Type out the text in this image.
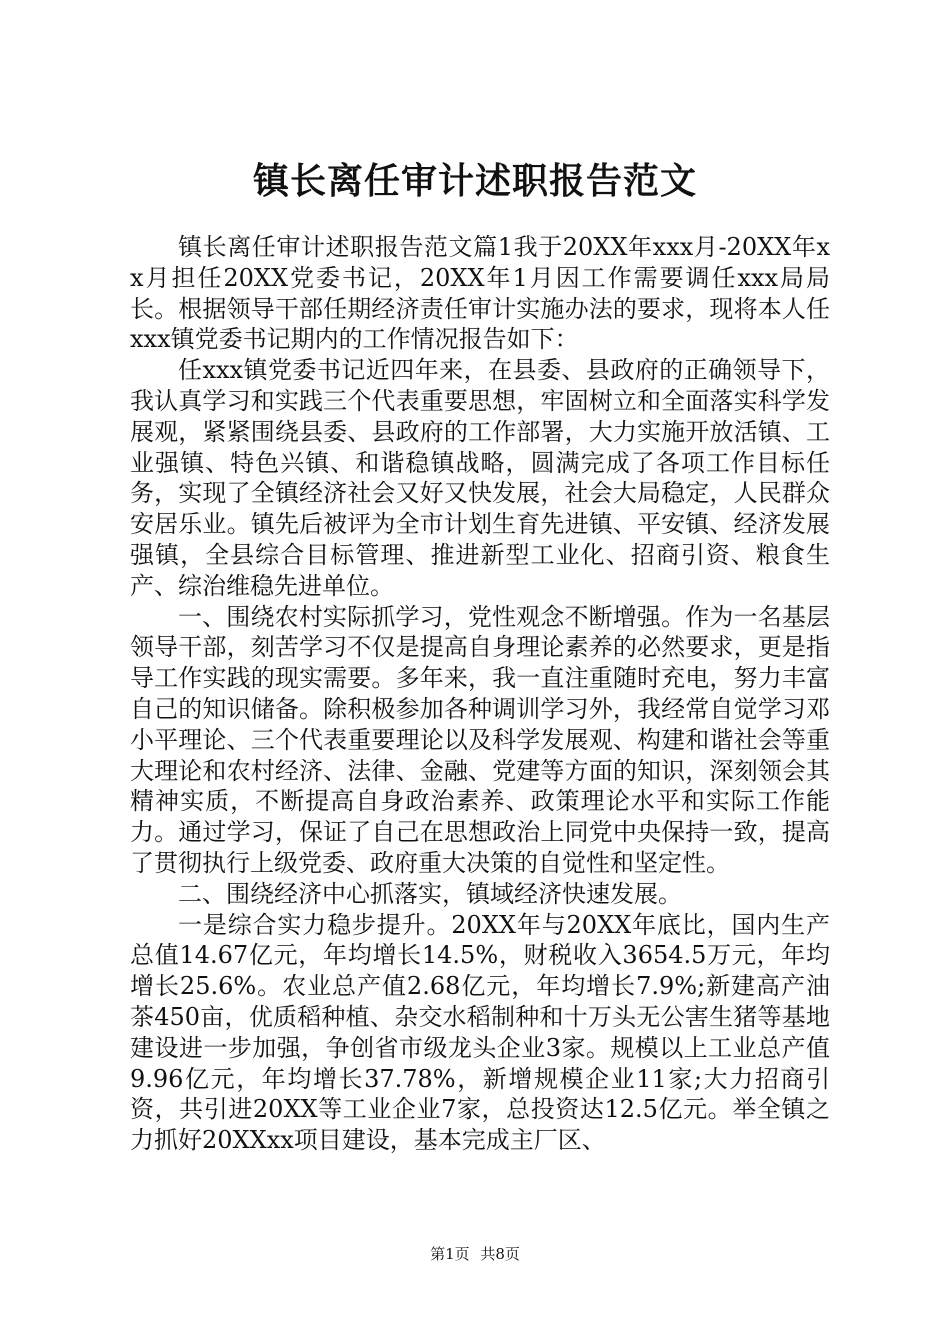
镇长离任审计述职报告范文

镇长离任审计述职报告范文篇1我于20XX年xxx月-20XX年xx月担任20XX党委书记，20XX年1月因工作需要调任xxx局局长。根据领导干部任期经济责任审计实施办法的要求，现将本人任xxx镇党委书记期内的工作情况报告如下：

任xxx镇党委书记近四年来，在县委、县政府的正确领导下，我认真学习和实践三个代表重要思想，牢固树立和全面落实科学发展观，紧紧围绕县委、县政府的工作部署，大力实施开放活镇、工业强镇、特色兴镇、和谐稳镇战略，圆满完成了各项工作目标任务，实现了全镇经济社会又好又快发展，社会大局稳定，人民群众安居乐业。镇先后被评为全市计划生育先进镇、平安镇、经济发展强镇，全县综合目标管理、推进新型工业化、招商引资、粮食生产、综治维稳先进单位。

一、围绕农村实际抓学习，党性观念不断增强。作为一名基层领导干部，刻苦学习不仅是提高自身理论素养的必然要求，更是指导工作实践的现实需要。多年来，我一直注重随时充电，努力丰富自己的知识储备。除积极参加各种调训学习外，我经常自觉学习邓小平理论、三个代表重要理论以及科学发展观、构建和谐社会等重大理论和农村经济、法律、金融、党建等方面的知识，深刻领会其精神实质，不断提高自身政治素养、政策理论水平和实际工作能力。通过学习，保证了自己在思想政治上同党中央保持一致，提高了贯彻执行上级党委、政府重大决策的自觉性和坚定性。

二、围绕经济中心抓落实，镇域经济快速发展。

一是综合实力稳步提升。20XX年与20XX年底比，国内生产总值14.67亿元，年均增长14.5%，财税收入3654.5万元，年均增长25.6%。农业总产值2.68亿元，年均增长7.9%;新建高产油茶450亩，优质稻种植、杂交水稻制种和十万头无公害生猪等基地建设进一步加强，争创省市级龙头企业3家。规模以上工业总产值9.96亿元，年均增长37.78%，新增规模企业11家;大力招商引资，共引进20XX等工业企业7家，总投资达12.5亿元。举全镇之力抓好20XXxx项目建设，基本完成主厂区、

第1页 共8页
